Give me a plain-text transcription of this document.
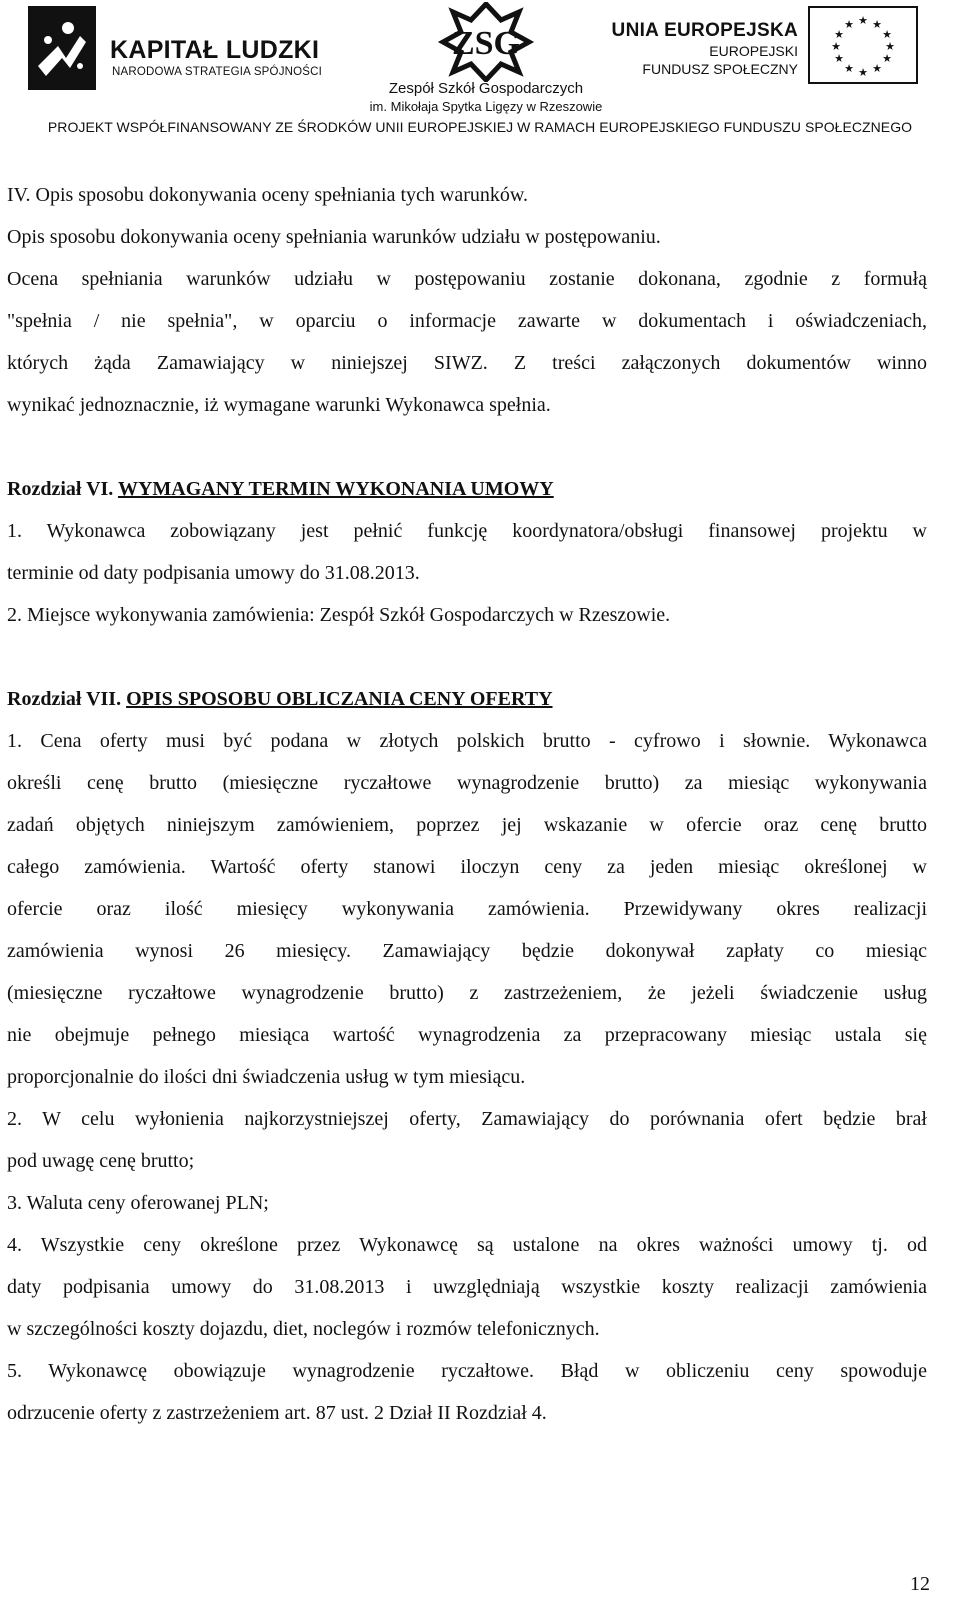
KAPITAŁ LUDZKI
NARODOWA STRATEGIA SPÓJNOŚCI
ZSG
Zespół Szkół Gospodarczych
im. Mikołaja Spytka Ligęzy w Rzeszowie
UNIA EUROPEJSKA
EUROPEJSKI
FUNDUSZ SPOŁECZNY
★ ★
★
★
★
★
★
★
★
★
★
★
PROJEKT WSPÓŁFINANSOWANY ZE ŚRODKÓW UNII EUROPEJSKIEJ W RAMACH EUROPEJSKIEGO FUNDUSZU SPOŁECZNEGO
IV. Opis sposobu dokonywania oceny spełniania tych warunków.
Opis sposobu dokonywania oceny spełniania warunków udziału w postępowaniu.
Ocena spełniania warunków udziału w postępowaniu zostanie dokonana, zgodnie z formułą
"spełnia / nie spełnia", w oparciu o informacje zawarte w dokumentach i oświadczeniach,
których żąda Zamawiający w niniejszej SIWZ. Z treści załączonych dokumentów winno
wynikać jednoznacznie, iż wymagane warunki Wykonawca spełnia.
Rozdział VI. WYMAGANY TERMIN WYKONANIA UMOWY
1. Wykonawca zobowiązany jest pełnić funkcję koordynatora/obsługi finansowej projektu w
terminie od daty podpisania umowy do 31.08.2013.
2. Miejsce wykonywania zamówienia: Zespół Szkół Gospodarczych w Rzeszowie.
Rozdział VII. OPIS SPOSOBU OBLICZANIA CENY OFERTY
1. Cena oferty musi być podana w złotych polskich brutto - cyfrowo i słownie. Wykonawca
określi cenę brutto (miesięczne ryczałtowe wynagrodzenie brutto) za miesiąc wykonywania
zadań objętych niniejszym zamówieniem, poprzez jej wskazanie w ofercie oraz cenę brutto
całego zamówienia. Wartość oferty stanowi iloczyn ceny za jeden miesiąc określonej w
ofercie oraz ilość miesięcy wykonywania zamówienia. Przewidywany okres realizacji
zamówienia wynosi 26 miesięcy. Zamawiający będzie dokonywał zapłaty co miesiąc
(miesięczne ryczałtowe wynagrodzenie brutto) z zastrzeżeniem, że jeżeli świadczenie usług
nie obejmuje pełnego miesiąca wartość wynagrodzenia za przepracowany miesiąc ustala się
proporcjonalnie do ilości dni świadczenia usług w tym miesiącu.
2. W celu wyłonienia najkorzystniejszej oferty, Zamawiający do porównania ofert będzie brał
pod uwagę cenę brutto;
3. Waluta ceny oferowanej PLN;
4. Wszystkie ceny określone przez Wykonawcę są ustalone na okres ważności umowy tj. od
daty podpisania umowy do 31.08.2013 i uwzględniają wszystkie koszty realizacji zamówienia
w szczególności koszty dojazdu, diet, noclegów i rozmów telefonicznych.
5. Wykonawcę obowiązuje wynagrodzenie ryczałtowe. Błąd w obliczeniu ceny spowoduje
odrzucenie oferty z zastrzeżeniem art. 87 ust. 2 Dział II Rozdział 4.
12
